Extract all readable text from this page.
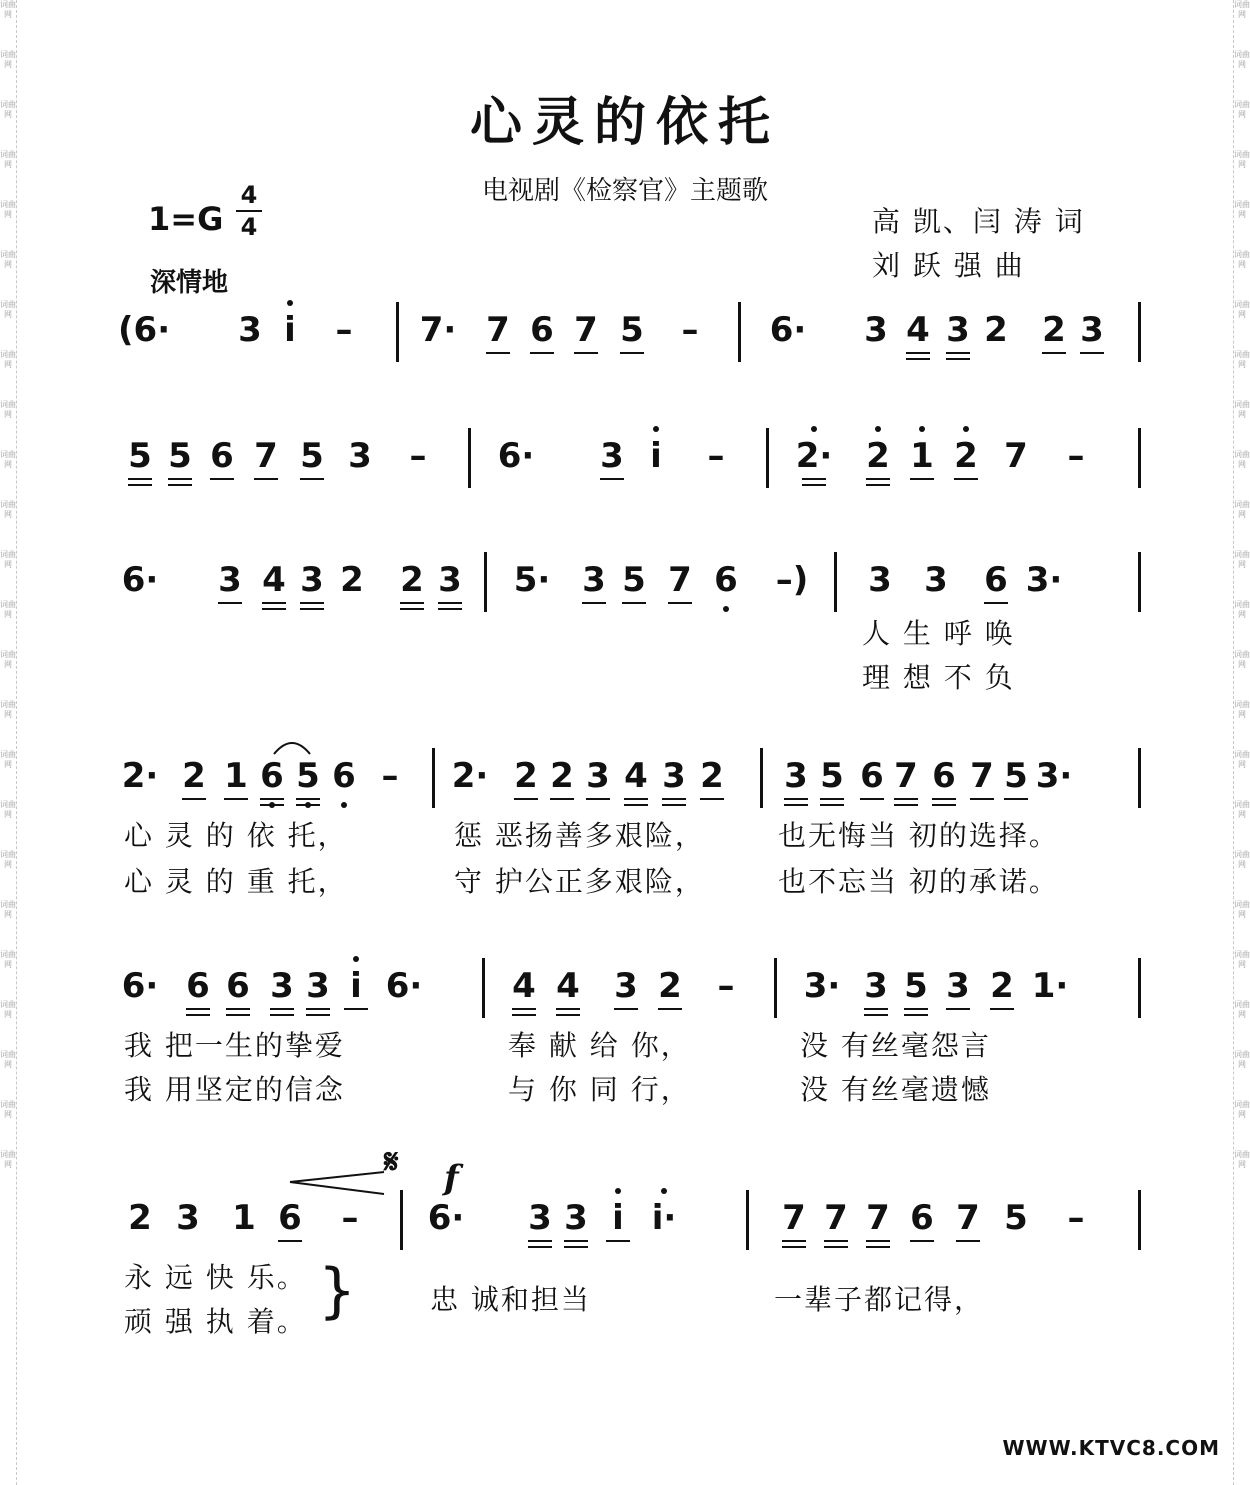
词曲网
词曲网
词曲网
词曲网
词曲网
词曲网
词曲网
词曲网
词曲网
词曲网
词曲网
词曲网
词曲网
词曲网
词曲网
词曲网
词曲网
词曲网
词曲网
词曲网
词曲网
词曲网
词曲网
词曲网
词曲网
词曲网
词曲网
词曲网
词曲网
词曲网
词曲网
词曲网
词曲网
词曲网
词曲网
词曲网
词曲网
词曲网
词曲网
词曲网
词曲网
词曲网
词曲网
词曲网
词曲网
词曲网
词曲网
词曲网
心灵的依托
电视剧《检察官》主题歌
1=G
4
4
深情地
高 凯、闫 涛 词
刘 跃 强 曲
(6· 3 i	–	7· 7 6 7 5	–	6· 3 4 3 2 2 3
5 5 6 7 5 3	–	6· 3 i	–	2· 2 1 2 7	–
6· 3 4 3 2 2 3 5· 3 5 7 6 –) 3 3 6 3·
2· 2 1 6 5 6 –	2· 2 2 3 4 3 2 3 5 6 7 6 7 5 3·
6· 6 6 3 3 i 6·	4 4 3 2	–	3· 3 5 3 2 1·
2 3 1 6	–	6· 3 3 i i·	7 7 7 6 7 5	–
人 生 呼 唤
理 想 不 负
心 灵 的 依 托，	惩 恶扬善多艰险，	也无悔当 初的选择。
心 灵 的 重 托，	守 护公正多艰险，	也不忘当 初的承诺。
我 把一生的挚爱	奉 献 给 你，	没 有丝毫怨言
我 用坚定的信念	与 你 同 行，	没 有丝毫遗憾
永 远 快 乐。
顽 强 执 着。 }	忠 诚和担当	一辈子都记得，
𝄋 f
WWW.KTVC8.COM
